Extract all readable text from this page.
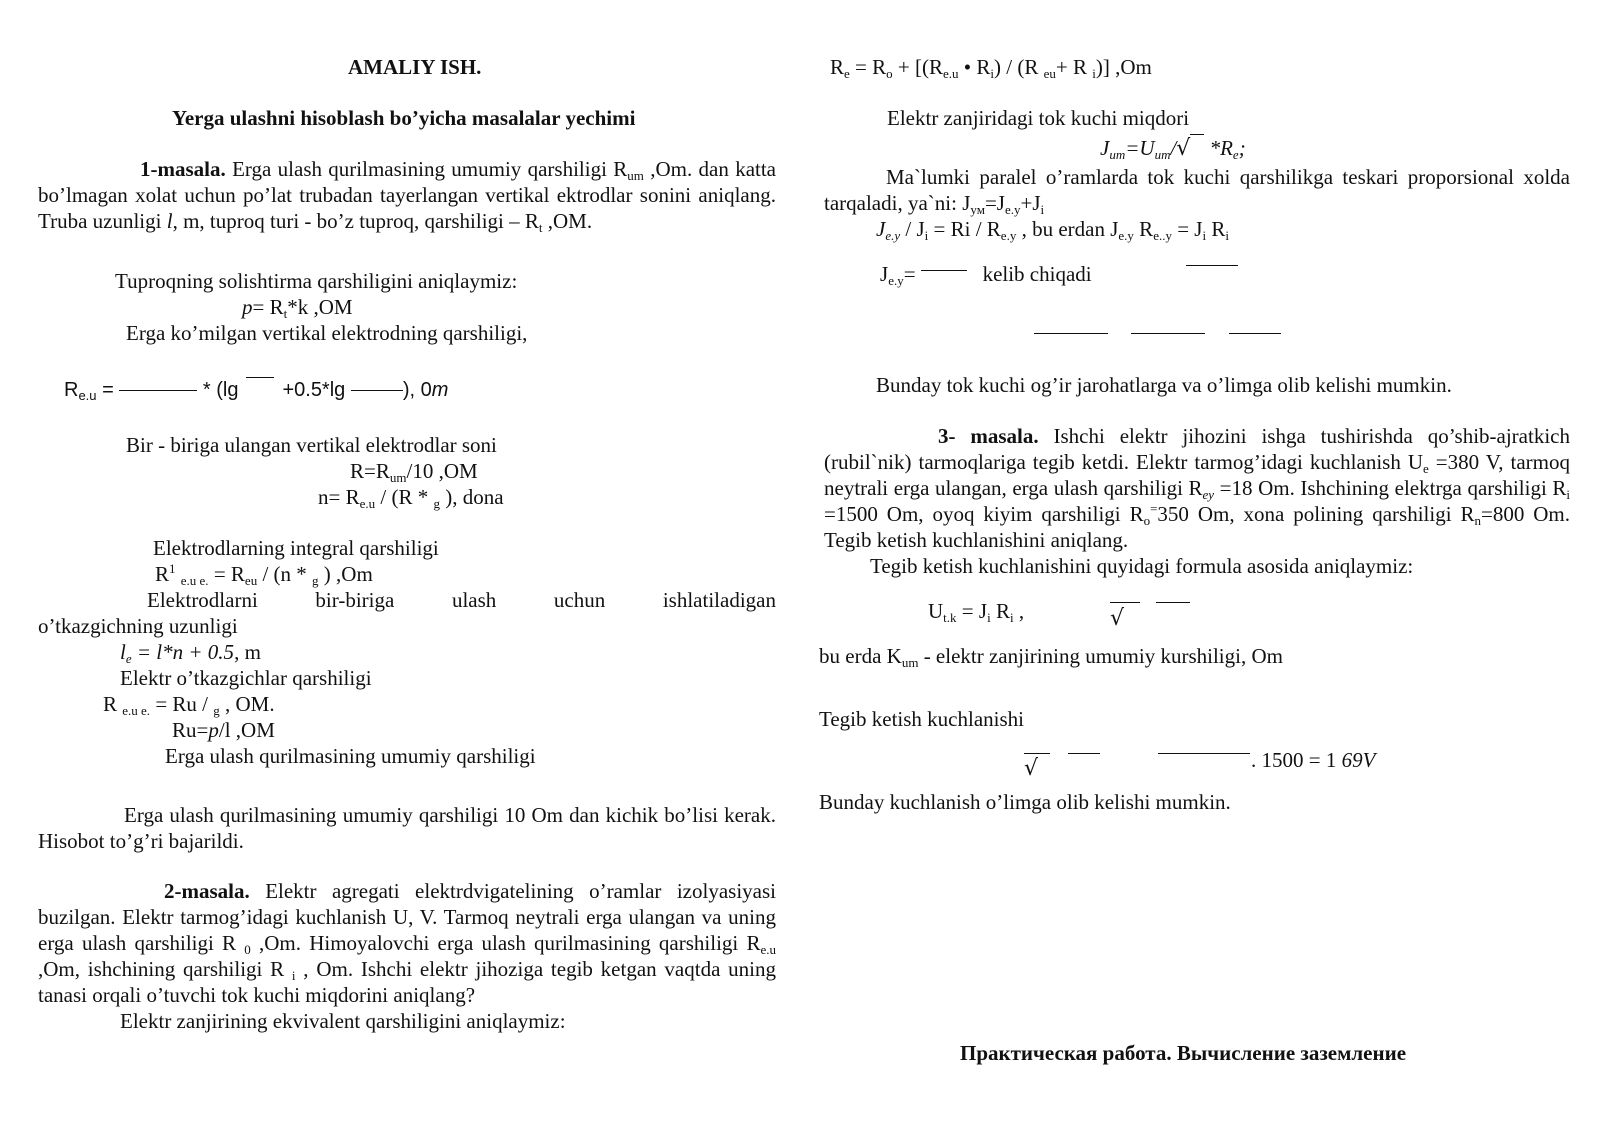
AMALIY ISH.
Yerga ulashni hisoblash bo’yicha masalalar yechimi
1-masala. Erga ulash qurilmasining umumiy qarshiligi $R_{um}$ ,Om. dan katta bo’lmagan xolat uchun po’lat trubadan tayerlangan vertikal ektrodlar sonini aniqlang. Truba uzunligi l, m, tuproq turi - bo’z tuproq, qarshiligi – $R_t$ ,OM.
Tuproqning solishtirma qarshiligini aniqlaymiz:
$p= R_t*k$ ,OM
Erga ko’milgan vertikal elektrodning qarshiligi,
$R_{e.u}$ =	* (lg +0.5*lg	), 0m
Bir - biriga ulangan vertikal elektrodlar soni
$R=R_{um}/10$ ,OM
$n= R_{e.u} / (R * _g$ ), dona
Elektrodlarning integral qarshiligi
$R^1$ $_{e.u e.} = R_{eu} / (n * _g$ ) ,Om
Elektrodlarni	bir-biriga	ulash	uchun	ishlatiladigan
o’tkazgichning uzunligi
$l_e = l*n + 0.5$, m
Elektr o’tkazgichlar qarshiligi
R $_{e.u e.}$ = Ru / $_g$ , OM.
Ru=p/l ,OM
Erga ulash qurilmasining umumiy qarshiligi
Erga ulash qurilmasining umumiy qarshiligi 10 Om dan kichik bo’lisi kerak. Hisobot to’g’ri bajarildi.
2-masala. Elektr agregati elektrdvigatelining o’ramlar izolyasiyasi buzilgan. Elektr tarmog’idagi kuchlanish U, V. Tarmoq neytrali erga ulangan va uning erga ulash qarshiligi R $_0$ ,Om. Himoyalovchi erga ulash qurilmasining qarshiligi $R_{e.u}$ ,Om, ishchining qarshiligi R $_i$ , Om. Ishchi elektr jihoziga tegib ketgan vaqtda uning tanasi orqali o’tuvchi tok kuchi miqdorini aniqlang?
Elektr zanjirining ekvivalent qarshiligini aniqlaymiz:
$R_e = R_o + [(R_{e.u}$ • $R_i) / (R$ $_{eu}$+ R $_i$)] ,Om
Elektr zanjiridagi tok kuchi miqdori
$J_{um}=U_{um}/√$ $*R_e$;
Ma`lumki paralel o’ramlarda tok kuchi qarshilikga teskari proporsional xolda tarqaladi, ya`ni: $J_{ум}=J_{e.y}+J_i$
$J_{e.y} / J_i = Ri / R_{e.y}$ , bu erdan $J_{e.y}$ $R_{e..y} = J_i$ $R_i$
$J_{e.y}=$	kelib chiqadi
Bunday tok kuchi og’ir jarohatlarga va o’limga olib kelishi mumkin.
3- masala. Ishchi elektr jihozini ishga tushirishda qo’shib-ajratkich (rubil`nik) tarmoqlariga tegib ketdi. Elektr tarmog’idagi kuchlanish $U_e =380$ V, tarmoq neytrali erga ulangan, erga ulash qarshiligi $R_{ey} =18$ Om. Ishchining elektrga qarshiligi $R_i =1500$ Om, oyoq kiyim qarshiligi $R_o^=350$ Om, xona polining qarshiligi $R_n=800$ Om. Tegib ketish kuchlanishini aniqlang.
Tegib ketish kuchlanishini quyidagi formula asosida aniqlaymiz:
$U_{t.k} = J_i$ $R_i$ ,	√
bu erda $K_{um}$ - elektr zanjirining umumiy kurshiligi, Om
Tegib ketish kuchlanishi
√	. 1500 = 1 69V
Bunday kuchlanish o’limga olib kelishi mumkin.
Практическая работа. Вычисление заземление
